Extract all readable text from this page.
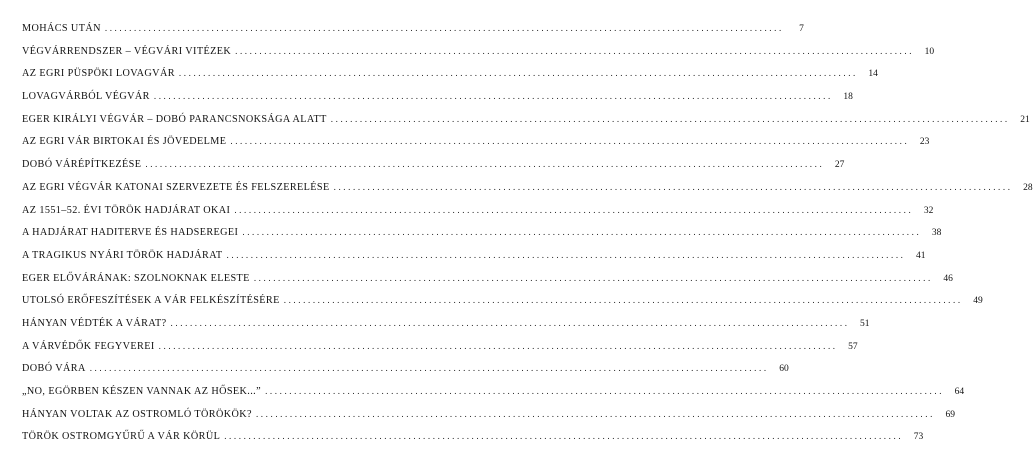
MOHÁCS UTÁN ............................................................................................................................................	7
VÉGVÁRRENDSZER – VÉGVÁRI VITÉZEK ............................................................................................................................................	10
AZ EGRI PÜSPÖKI LOVAGVÁR ............................................................................................................................................	14
LOVAGVÁRBÓL VÉGVÁR ............................................................................................................................................	18
EGER KIRÁLYI VÉGVÁR – DOBÓ PARANCSNOKSÁGA ALATT ............................................................................................................................................	21
AZ EGRI VÁR BIRTOKAI ÉS JÖVEDELME ............................................................................................................................................	23
DOBÓ VÁRÉPÍTKEZÉSE ............................................................................................................................................	27
AZ EGRI VÉGVÁR KATONAI SZERVEZETE ÉS FELSZERELÉSE ............................................................................................................................................	28
AZ 1551–52. ÉVI TÖRÖK HADJÁRAT OKAI ............................................................................................................................................	32
A HADJÁRAT HADITERVE ÉS HADSEREGEI ............................................................................................................................................	38
A TRAGIKUS NYÁRI TÖRÖK HADJÁRAT ............................................................................................................................................	41
EGER ELŐVÁRÁNAK: SZOLNOKNAK ELESTE ............................................................................................................................................	46
UTOLSÓ ERŐFESZÍTÉSEK A VÁR FELKÉSZÍTÉSÉRE ............................................................................................................................................	49
HÁNYAN VÉDTÉK A VÁRAT? ............................................................................................................................................	51
A VÁRVÉDŐK FEGYVEREI ............................................................................................................................................	57
DOBÓ VÁRA ............................................................................................................................................	60
„NO, EGÖRBEN KÉSZEN VANNAK AZ HŐSEK...” ............................................................................................................................................	64
HÁNYAN VOLTAK AZ OSTROMLÓ TÖRÖKÖK? ............................................................................................................................................	69
TÖRÖK OSTROMGYŰRŰ A VÁR KÖRÜL ............................................................................................................................................	73
